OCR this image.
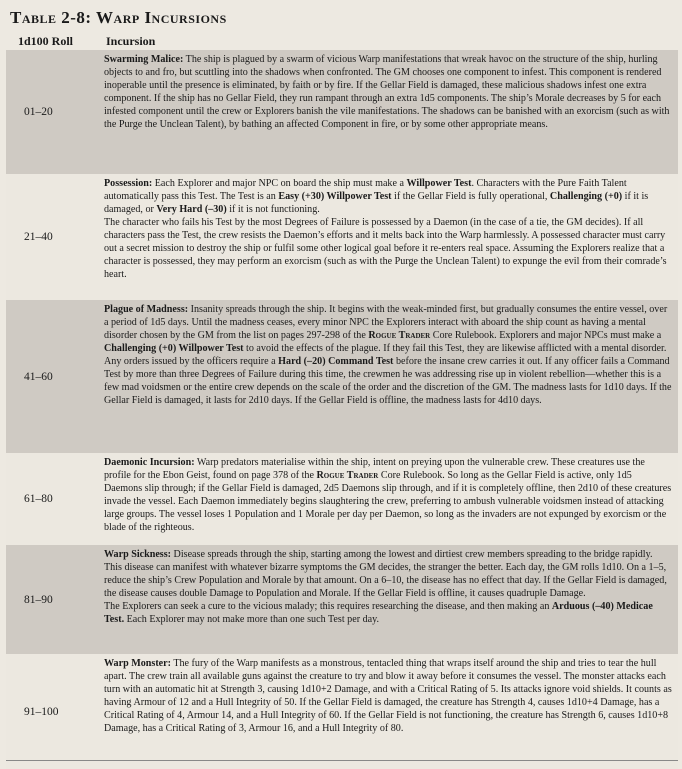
Table 2-8: Warp Incursions
1d100 Roll	Incursion
01–20

Swarming Malice: The ship is plagued by a swarm of vicious Warp manifestations that wreak havoc on the structure of the ship, hurling objects to and fro, but scuttling into the shadows when confronted. The GM chooses one component to infest. This component is rendered inoperable until the presence is eliminated, by faith or by fire. If the Gellar Field is damaged, these malicious shadows infest one extra component. If the ship has no Gellar Field, they run rampant through an extra 1d5 components. The ship’s Morale decreases by 5 for each infested component until the crew or Explorers banish the vile manifestations. The shadows can be banished with an exorcism (such as with the Purge the Unclean Talent), by bathing an affected Component in fire, or by some other appropriate means.

21–40

Possession: Each Explorer and major NPC on board the ship must make a Willpower Test. Characters with the Pure Faith Talent automatically pass this Test. The Test is an Easy (+30) Willpower Test if the Gellar Field is fully operational, Challenging (+0) if it is damaged, or Very Hard (–30) if it is not functioning.

The character who fails his Test by the most Degrees of Failure is possessed by a Daemon (in the case of a tie, the GM decides). If all characters pass the Test, the crew resists the Daemon’s efforts and it melts back into the Warp harmlessly. A possessed character must carry out a secret mission to destroy the ship or fulfil some other logical goal before it re-enters real space. Assuming the Explorers realize that a character is possessed, they may perform an exorcism (such as with the Purge the Unclean Talent) to expunge the evil from their comrade’s heart.

41–60

Plague of Madness: Insanity spreads through the ship. It begins with the weak-minded first, but gradually consumes the entire vessel, over a period of 1d5 days. Until the madness ceases, every minor NPC the Explorers interact with aboard the ship count as having a mental disorder chosen by the GM from the list on pages 297-298 of the Rogue Trader Core Rulebook. Explorers and major NPCs must make a Challenging (+0) Willpower Test to avoid the effects of the plague. If they fail this Test, they are likewise afflicted with a mental disorder.

Any orders issued by the officers require a Hard (–20) Command Test before the insane crew carries it out. If any officer fails a Command Test by more than three Degrees of Failure during this time, the crewmen he was addressing rise up in violent rebellion—whether this is a few mad voidsmen or the entire crew depends on the scale of the order and the discretion of the GM. The madness lasts for 1d10 days. If the Gellar Field is damaged, it lasts for 2d10 days. If the Gellar Field is offline, the madness lasts for 4d10 days.

61–80

Daemonic Incursion: Warp predators materialise within the ship, intent on preying upon the vulnerable crew. These creatures use the profile for the Ebon Geist, found on page 378 of the Rogue Trader Core Rulebook. So long as the Gellar Field is active, only 1d5 Daemons slip through; if the Gellar Field is damaged, 2d5 Daemons slip through, and if it is completely offline, then 2d10 of these creatures invade the vessel. Each Daemon immediately begins slaughtering the crew, preferring to ambush vulnerable voidsmen instead of attacking large groups. The vessel loses 1 Population and 1 Morale per day per Daemon, so long as the invaders are not expunged by exorcism or the blade of the righteous.

81–90

Warp Sickness: Disease spreads through the ship, starting among the lowest and dirtiest crew members spreading to the bridge rapidly. This disease can manifest with whatever bizarre symptoms the GM decides, the stranger the better. Each day, the GM rolls 1d10. On a 1–5, reduce the ship’s Crew Population and Morale by that amount. On a 6–10, the disease has no effect that day. If the Gellar Field is damaged, the disease causes double Damage to Population and Morale. If the Gellar Field is offline, it causes quadruple Damage.

The Explorers can seek a cure to the vicious malady; this requires researching the disease, and then making an Arduous (–40) Medicae Test. Each Explorer may not make more than one such Test per day.

91–100

Warp Monster: The fury of the Warp manifests as a monstrous, tentacled thing that wraps itself around the ship and tries to tear the hull apart. The crew train all available guns against the creature to try and blow it away before it consumes the vessel. The monster attacks each turn with an automatic hit at Strength 3, causing 1d10+2 Damage, and with a Critical Rating of 5. Its attacks ignore void shields. It counts as having Armour of 12 and a Hull Integrity of 50. If the Gellar Field is damaged, the creature has Strength 4, causes 1d10+4 Damage, has a Critical Rating of 4, Armour 14, and a Hull Integrity of 60. If the Gellar Field is not functioning, the creature has Strength 6, causes 1d10+8 Damage, has a Critical Rating of 3, Armour 16, and a Hull Integrity of 80.
